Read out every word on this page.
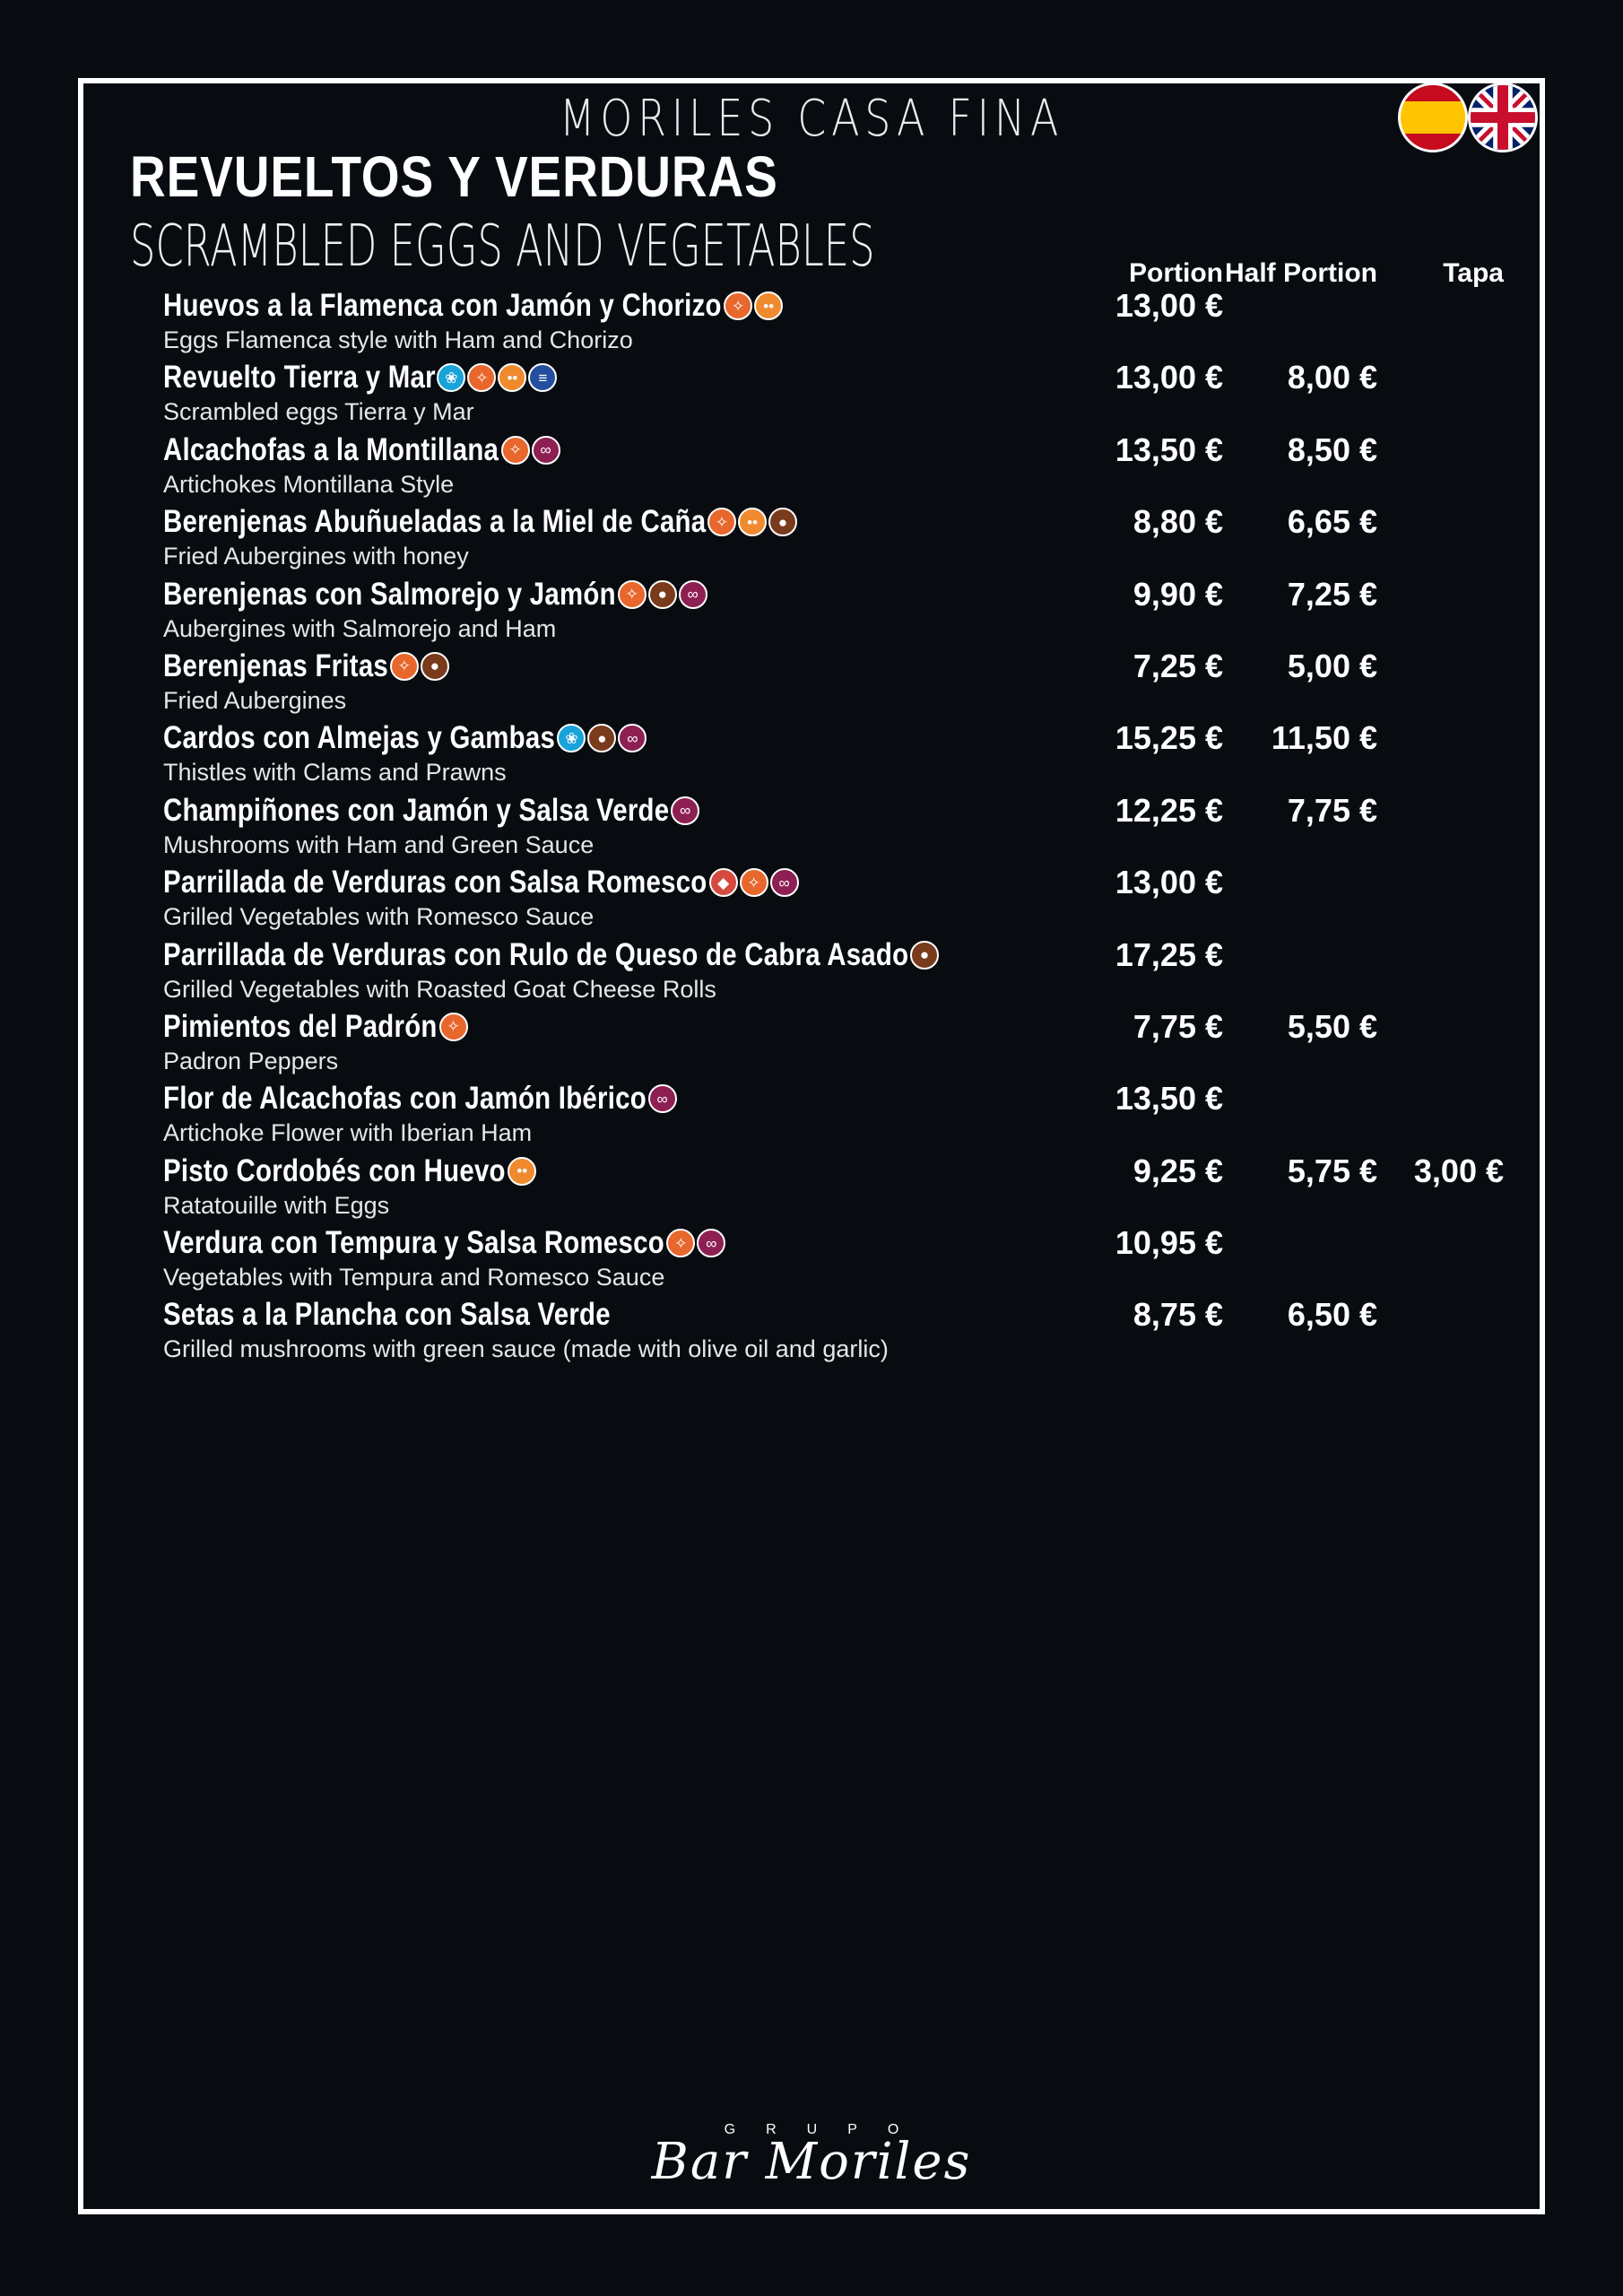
MORILES CASA FINA
REVUELTOS Y VERDURAS
SCRAMBLED EGGS AND VEGETABLES	Portion Half Portion Tapa
Huevos a la Flamenca con Jamón y Chorizo ✧	••
Eggs Flamenca style with Ham and Chorizo
13,00 €
Revuelto Tierra y Mar ❀	✧	••	≡
Scrambled eggs Tierra y Mar
13,00 € 8,00 €
Alcachofas a la Montillana ✧	∞
Artichokes Montillana Style
13,50 € 8,50 €
Berenjenas Abuñueladas a la Miel de Caña ✧	••	●
Fried Aubergines with honey
8,80 € 6,65 €
Berenjenas con Salmorejo y Jamón ✧	●	∞
Aubergines with Salmorejo and Ham
9,90 € 7,25 €
Berenjenas Fritas ✧	●
Fried Aubergines
7,25 € 5,00 €
Cardos con Almejas y Gambas ❀	●	∞
Thistles with Clams and Prawns
15,25 € 11,50 €
Champiñones con Jamón y Salsa Verde ∞
Mushrooms with Ham and Green Sauce
12,25 € 7,75 €
Parrillada de Verduras con Salsa Romesco ◆	✧	∞
Grilled Vegetables with Romesco Sauce
13,00 €
Parrillada de Verduras con Rulo de Queso de Cabra Asado ●
Grilled Vegetables with Roasted Goat Cheese Rolls
17,25 €
Pimientos del Padrón ✧
Padron Peppers
7,75 € 5,50 €
Flor de Alcachofas con Jamón Ibérico ∞
Artichoke Flower with Iberian Ham
13,50 €
Pisto Cordobés con Huevo ••
Ratatouille with Eggs
9,25 € 5,75 € 3,00 €
Verdura con Tempura y Salsa Romesco ✧	∞
Vegetables with Tempura and Romesco Sauce
10,95 €
Setas a la Plancha con Salsa Verde
Grilled mushrooms with green sauce (made with olive oil and garlic)
8,75 € 6,50 €
GRUPO
Bar Moriles
